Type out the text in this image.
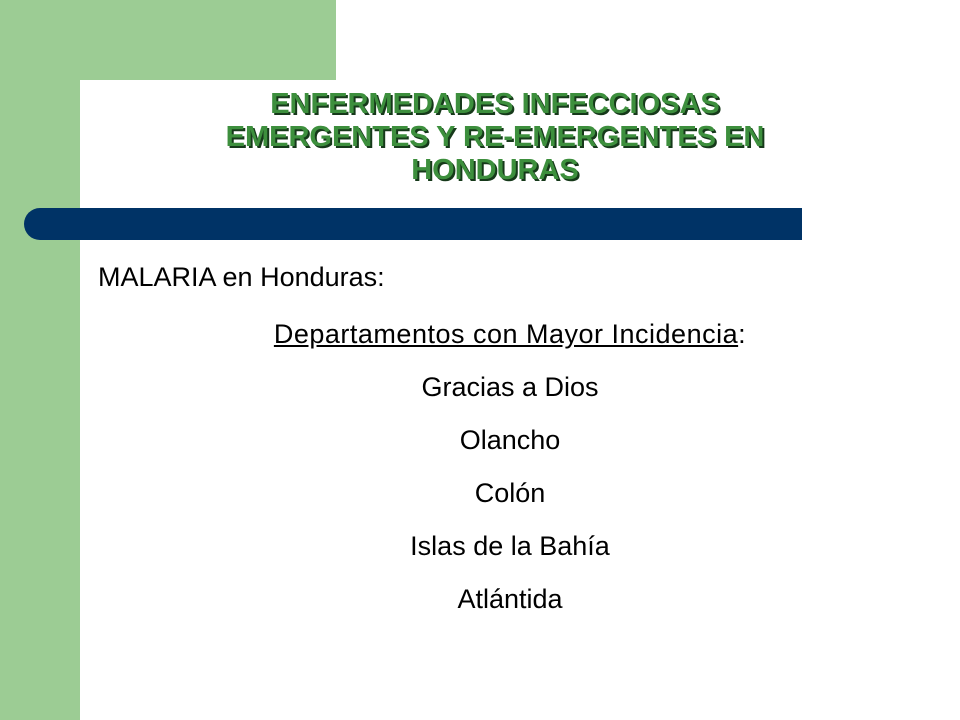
ENFERMEDADES INFECCIOSAS
EMERGENTES Y RE-EMERGENTES EN
HONDURAS
MALARIA en Honduras:
Departamentos con Mayor Incidencia:
Gracias a Dios
Olancho
Colón
Islas de la Bahía
Atlántida
